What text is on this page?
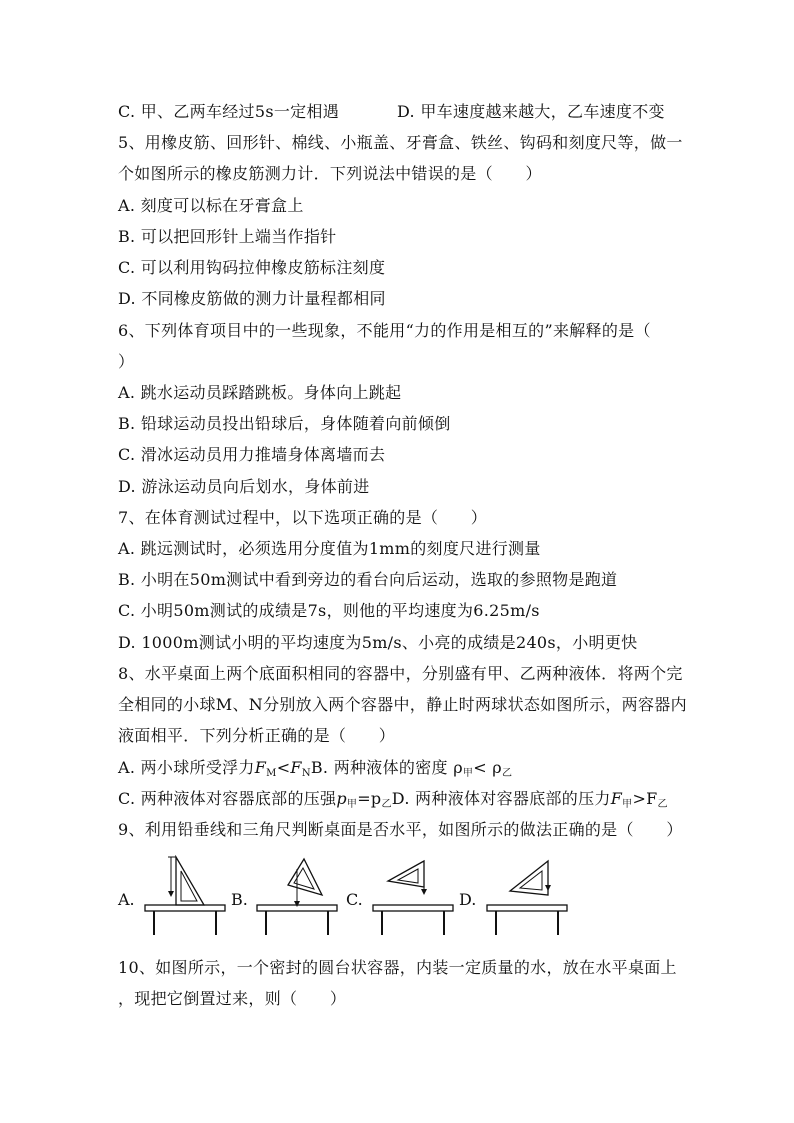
C. 甲、乙两车经过5s一定相遇	D. 甲车速度越来越大，乙车速度不变
5、用橡皮筋、回形针、棉线、小瓶盖、牙膏盒、铁丝、钩码和刻度尺等，做一
个如图所示的橡皮筋测力计．下列说法中错误的是（　　）
A. 刻度可以标在牙膏盒上
B. 可以把回形针上端当作指针
C. 可以利用钩码拉伸橡皮筋标注刻度
D. 不同橡皮筋做的测力计量程都相同
6、下列体育项目中的一些现象，不能用“力的作用是相互的”来解释的是（
）
A. 跳水运动员踩踏跳板。身体向上跳起
B. 铅球运动员投出铅球后，身体随着向前倾倒
C. 滑冰运动员用力推墙身体离墙而去
D. 游泳运动员向后划水，身体前进
7、在体育测试过程中，以下选项正确的是（　　）
A. 跳远测试时，必须选用分度值为1mm的刻度尺进行测量
B. 小明在50m测试中看到旁边的看台向后运动，选取的参照物是跑道
C. 小明50m测试的成绩是7s，则他的平均速度为6.25m/s
D. 1000m测试小明的平均速度为5m/s、小亮的成绩是240s，小明更快
8、水平桌面上两个底面积相同的容器中，分别盛有甲、乙两种液体．将两个完
全相同的小球M、N分别放入两个容器中，静止时两球状态如图所示，两容器内
液面相平．下列分析正确的是（　　）
A. 两小球所受浮力$F_M<F_NB$. 两种液体的密度 $\rho_甲< \rho_乙$
C. 两种液体对容器底部的压强$p_甲=p_乙D$. 两种液体对容器底部的压力$F_甲>F_乙$
9、利用铅垂线和三角尺判断桌面是否水平，如图所示的做法正确的是（　　）
A.	B.	C.	D.
10、如图所示，一个密封的圆台状容器，内装一定质量的水，放在水平桌面上
，现把它倒置过来，则（　　）
